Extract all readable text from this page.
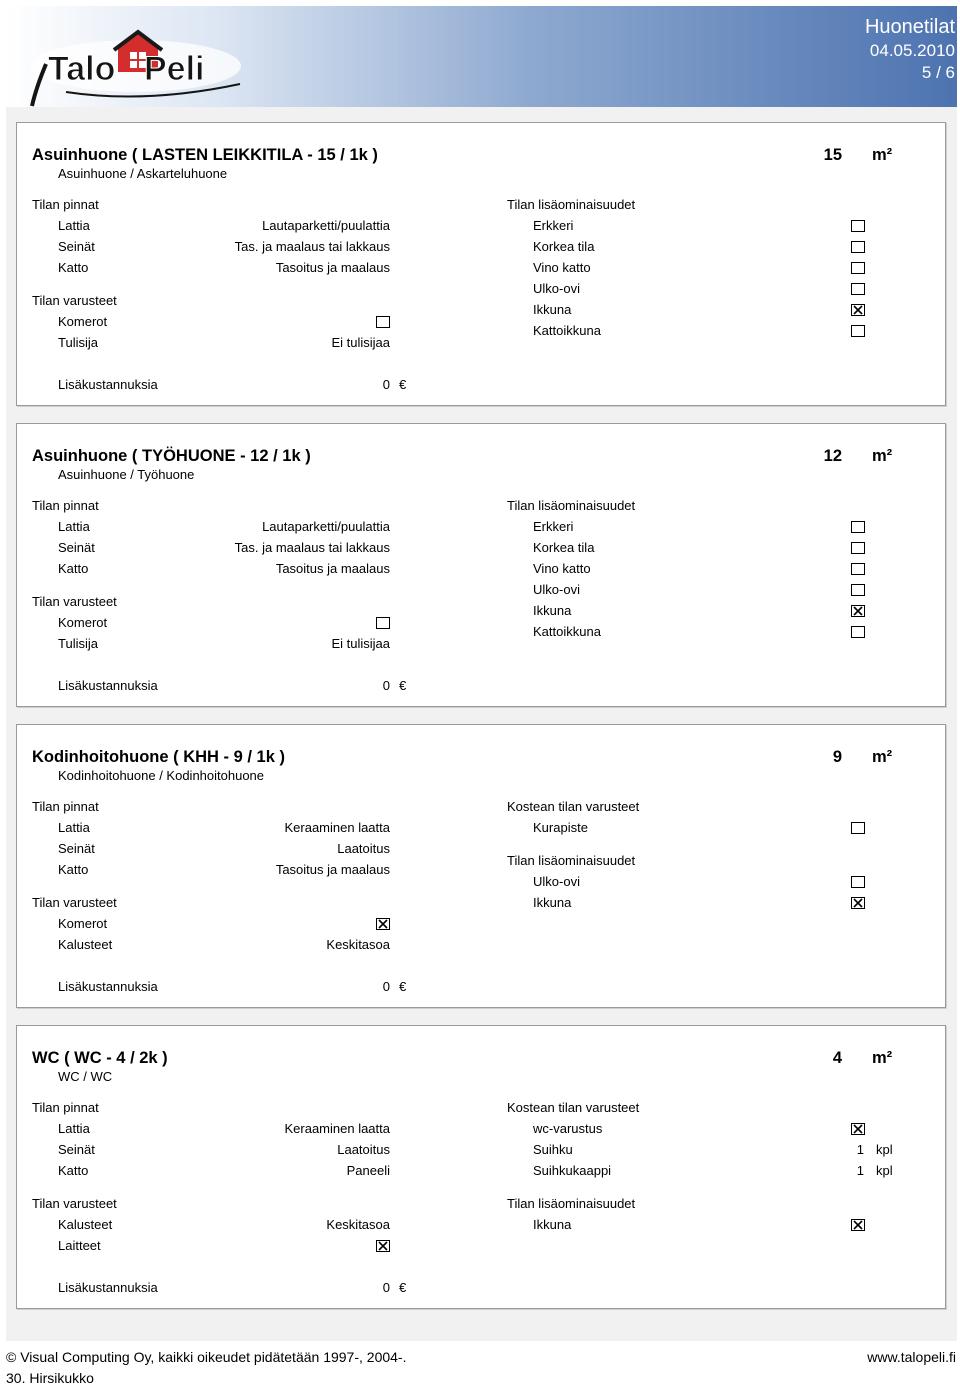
Talo Peli
Huonetilat
04.05.2010
5 / 6
Asuinhuone ( LASTEN LEIKKITILA - 15 / 1k )
Asuinhuone / Askarteluhuone
15 m²
Tilan pinnat
Lattia	Lautaparketti/puulattia
Seinät	Tas. ja maalaus tai lakkaus
Katto	Tasoitus ja maalaus
Tilan varusteet
Komerot
Tulisija	Ei tulisijaa
Tilan lisäominaisuudet
Erkkeri
Korkea tila
Vino katto
Ulko-ovi
Ikkuna
Kattoikkuna
Lisäkustannuksia	0 €
Asuinhuone ( TYÖHUONE - 12 / 1k )
Asuinhuone / Työhuone
12 m²
Tilan pinnat
Lattia	Lautaparketti/puulattia
Seinät	Tas. ja maalaus tai lakkaus
Katto	Tasoitus ja maalaus
Tilan varusteet
Komerot
Tulisija	Ei tulisijaa
Tilan lisäominaisuudet
Erkkeri
Korkea tila
Vino katto
Ulko-ovi
Ikkuna
Kattoikkuna
Lisäkustannuksia	0 €
Kodinhoitohuone ( KHH - 9 / 1k )
Kodinhoitohuone / Kodinhoitohuone
9 m²
Tilan pinnat
Lattia	Keraaminen laatta
Seinät	Laatoitus
Katto	Tasoitus ja maalaus
Tilan varusteet
Komerot
Kalusteet	Keskitasoa
Kostean tilan varusteet
Kurapiste
Tilan lisäominaisuudet
Ulko-ovi
Ikkuna
Lisäkustannuksia	0 €
WC ( WC - 4 / 2k )
WC / WC
4 m²
Tilan pinnat
Lattia	Keraaminen laatta
Seinät	Laatoitus
Katto	Paneeli
Tilan varusteet
Kalusteet	Keskitasoa
Laitteet
Kostean tilan varusteet
wc-varustus
Suihku	1 kpl
Suihkukaappi	1 kpl
Tilan lisäominaisuudet
Ikkuna
Lisäkustannuksia	0 €
© Visual Computing Oy, kaikki oikeudet pidätetään 1997-, 2004-.	www.talopeli.fi
30. Hirsikukko
